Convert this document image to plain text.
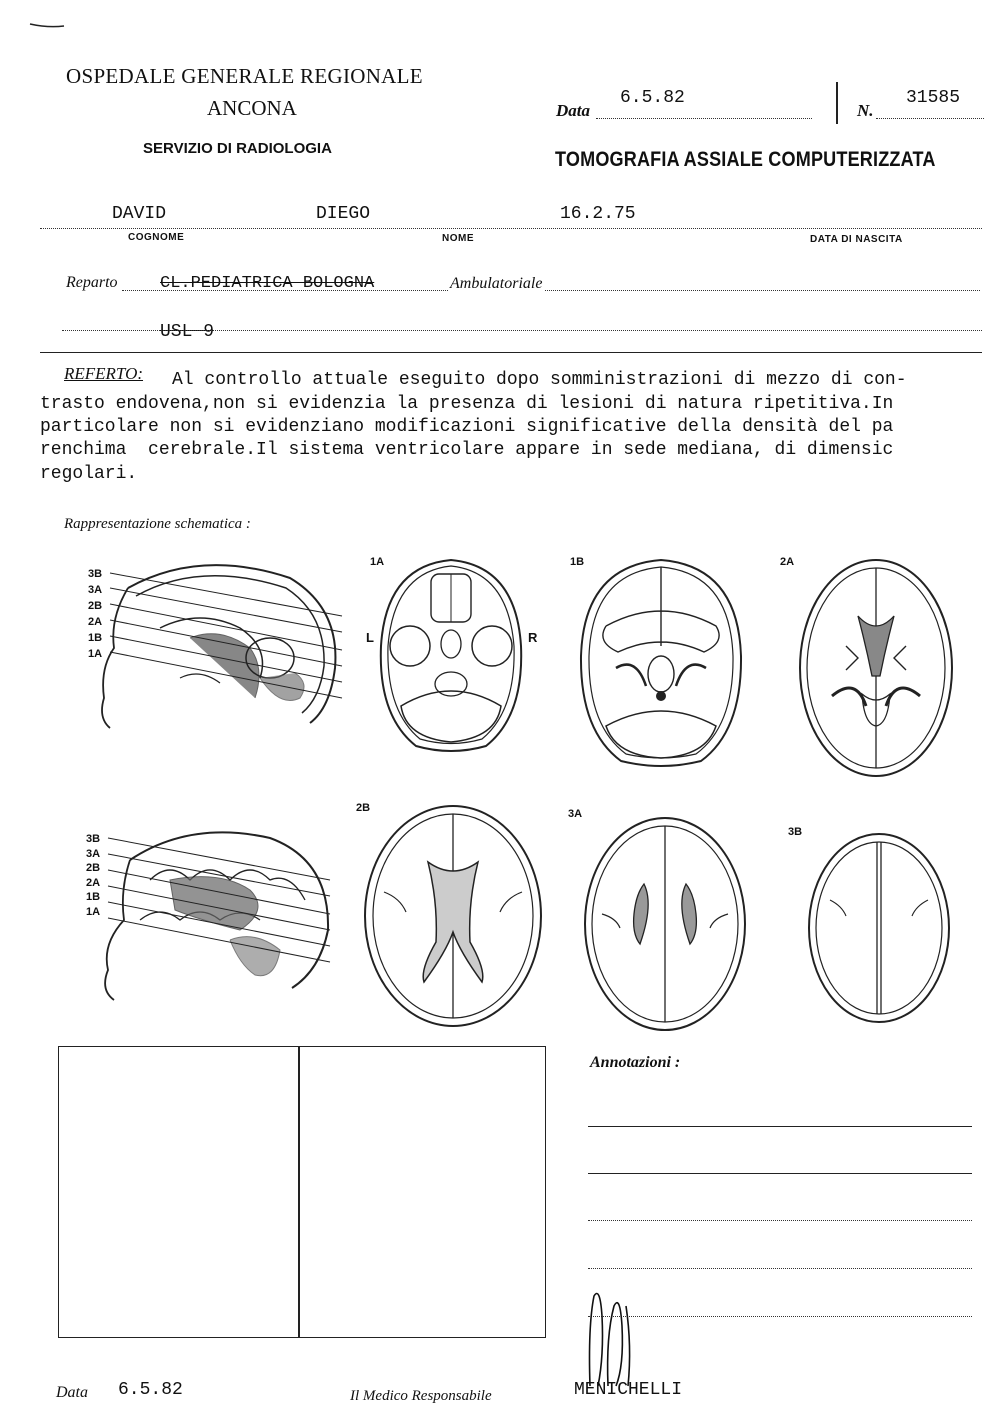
OSPEDALE GENERALE REGIONALE
ANCONA
SERVIZIO DI RADIOLOGIA
Data
6.5.82
N.
31585
TOMOGRAFIA ASSIALE COMPUTERIZZATA
DAVID	DIEGO	16.2.75
COGNOME	NOME	DATA DI NASCITA
Reparto CL.PEDIATRICA BOLOGNA	Ambulatoriale
USL 9
REFERTO: Al controllo attuale eseguito dopo somministrazioni di mezzo di con-
trasto endovena,non si evidenzia la presenza di lesioni di natura ripetitiva.In
particolare non si evidenziano modificazioni significative della densità del pa
renchima  cerebrale.Il sistema ventricolare appare in sede mediana, di dimensic
regolari.
Rappresentazione schematica :
3B
3A
2B
2A
1B
1A
1A
L	R
1B	2A
3B
3A
2B
2A
1B
1A
2B	3A
3B
Annotazioni :
Data 6.5.82	Il Medico Responsabile	MENICHELLI
